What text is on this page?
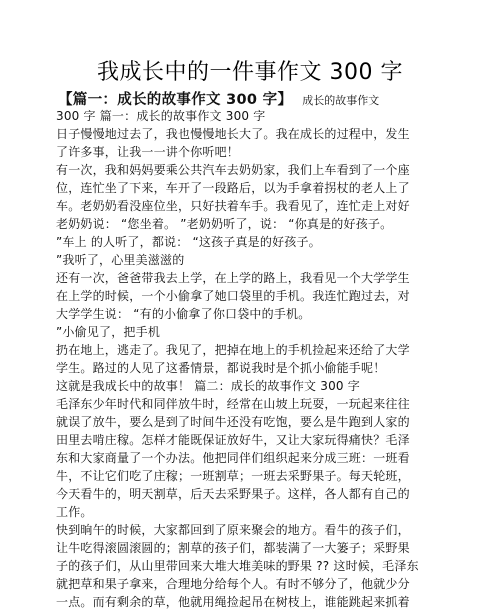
我成长中的一件事作文 300 字
【篇一：成长的故事作文 300 字】 成长的故事作文
300 字 篇一：成长的故事作文 300 字
日子慢慢地过去了，我也慢慢地长大了。我在成长的过程中，发生
了许多事，让我一一讲个你听吧！
有一次，我和妈妈要乘公共汽车去奶奶家，我们上车看到了一个座
位，连忙坐了下来，车开了一段路后，以为手拿着拐杖的老人上了
车。老奶奶看没座位坐，只好扶着车手。我看见了，连忙走上对好
老奶奶说： “您坐着。 ”老奶奶听了，说： “你真是的好孩子。
”车上 的人听了，都说： “这孩子真是的好孩子。
”我听了，心里美滋滋的
还有一次，爸爸带我去上学，在上学的路上，我看见一个大学学生
在上学的时候，一个小偷拿了她口袋里的手机。我连忙跑过去，对
大学学生说： “有的小偷拿了你口袋中的手机。
”小偷见了，把手机
扔在地上，逃走了。我见了，把掉在地上的手机捡起来还给了大学
学生。路过的人见了这番情景，都说我时是个抓小偷能手呢！
这就是我成长中的故事！ 篇二：成长的故事作文 300 字
毛泽东少年时代和同伴放牛时，经常在山坡上玩耍，一玩起来往往
就误了放牛，要么是到了时间牛还没有吃饱，要么是牛跑到人家的
田里去啃庄稼。怎样才能既保证放好牛，又让大家玩得痛快？毛泽
东和大家商量了一个办法。他把同伴们组织起来分成三班：一班看
牛，不让它们吃了庄稼；一班割草；一班去采野果子。每天轮班，
今天看牛的，明天割草，后天去采野果子。这样，各人都有自己的
工作。
快到晌午的时候，大家都回到了原来聚会的地方。看牛的孩子们，
让牛吃得滚圆滚圆的；割草的孩子们，都装满了一大篓子；采野果
子的孩子们，从山里带回来大堆大堆美味的野果 ?? 这时候，毛泽东
就把草和果子拿来，合理地分给每个人。有时不够分了，他就少分
一点。而有剩余的草，他就用绳捡起吊在树枝上，谁能跳起来抓着
